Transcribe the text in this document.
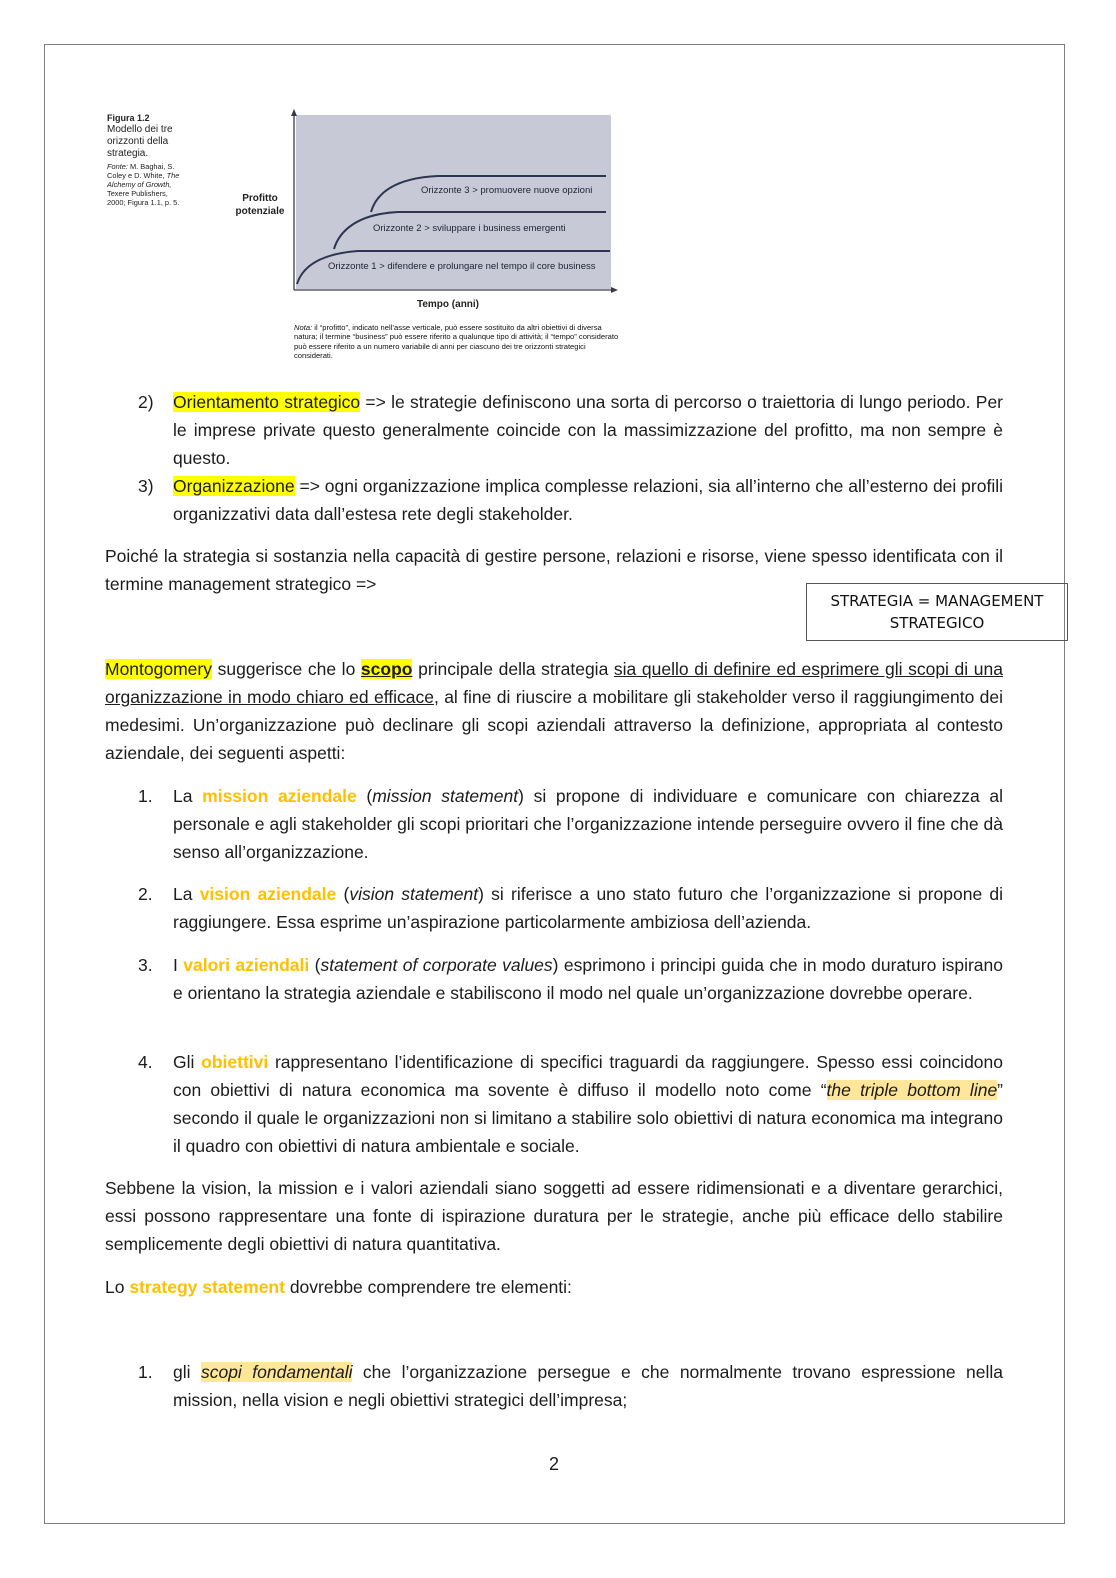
Figura 1.2
Modello dei tre orizzonti della strategia.
Fonte: M. Baghai, S. Coley e D. White, The Alchemy of Growth, Texere Publishers, 2000; Figura 1.1, p. 5.	Profitto potenziale
Orizzonte 3 > promuovere nuove opzioni
Orizzonte 2 > sviluppare i business emergenti
Orizzonte 1 > difendere e prolungare nel tempo il core business
Tempo (anni)
Nota: il “profitto”, indicato nell’asse verticale, può essere sostituito da altri obiettivi di diversa natura; il termine “business” può essere riferito a qualunque tipo di attività; il “tempo” considerato può essere riferito a un numero variabile di anni per ciascuno dei tre orizzonti strategici considerati.
2)	Orientamento strategico => le strategie definiscono una sorta di percorso o traiettoria di lungo periodo. Per le imprese private questo generalmente coincide con la massimizzazione del profitto, ma non sempre è questo.
3)	Organizzazione => ogni organizzazione implica complesse relazioni, sia all’interno che all’esterno dei profili organizzativi data dall’estesa rete degli stakeholder.
Poiché la strategia si sostanzia nella capacità di gestire persone, relazioni e risorse, viene spesso identificata con il termine management strategico =>
STRATEGIA = MANAGEMENT STRATEGICO
Montogomery suggerisce che lo scopo principale della strategia sia quello di definire ed esprimere gli scopi di una organizzazione in modo chiaro ed efficace, al fine di riuscire a mobilitare gli stakeholder verso il raggiungimento dei medesimi. Un’organizzazione può declinare gli scopi aziendali attraverso la definizione, appropriata al contesto aziendale, dei seguenti aspetti:
1.	La mission aziendale (mission statement) si propone di individuare e comunicare con chiarezza al personale e agli stakeholder gli scopi prioritari che l’organizzazione intende perseguire ovvero il fine che dà senso all’organizzazione.
2.	La vision aziendale (vision statement) si riferisce a uno stato futuro che l’organizzazione si propone di raggiungere. Essa esprime un’aspirazione particolarmente ambiziosa dell’azienda.
3.	I valori aziendali (statement of corporate values) esprimono i principi guida che in modo duraturo ispirano e orientano la strategia aziendale e stabiliscono il modo nel quale un’organizzazione dovrebbe operare.
4.	Gli obiettivi rappresentano l’identificazione di specifici traguardi da raggiungere. Spesso essi coincidono con obiettivi di natura economica ma sovente è diffuso il modello noto come “the triple bottom line” secondo il quale le organizzazioni non si limitano a stabilire solo obiettivi di natura economica ma integrano il quadro con obiettivi di natura ambientale e sociale.
Sebbene la vision, la mission e i valori aziendali siano soggetti ad essere ridimensionati e a diventare gerarchici, essi possono rappresentare una fonte di ispirazione duratura per le strategie, anche più efficace dello stabilire semplicemente degli obiettivi di natura quantitativa.
Lo strategy statement dovrebbe comprendere tre elementi:
1.	gli scopi fondamentali che l’organizzazione persegue e che normalmente trovano espressione nella mission, nella vision e negli obiettivi strategici dell’impresa;
2
